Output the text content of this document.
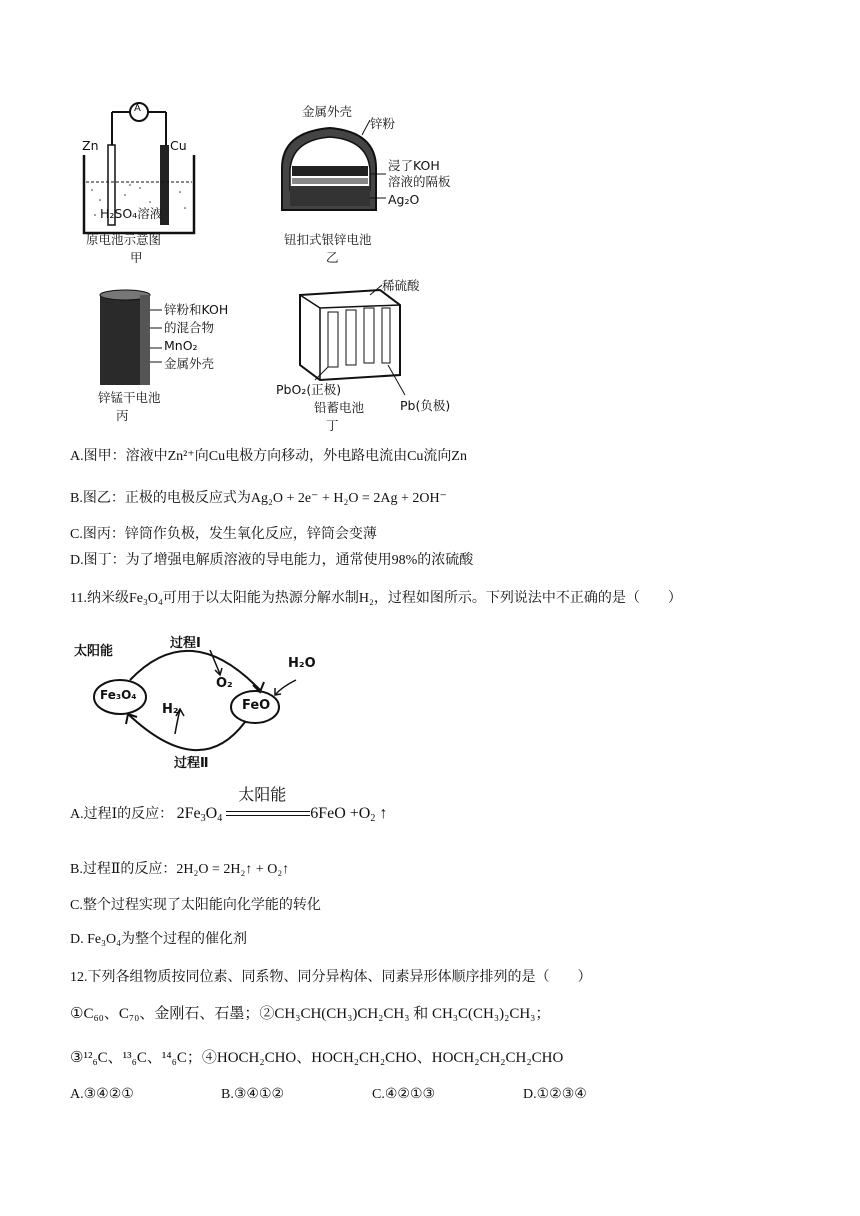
A
Zn	Cu
H₂SO₄溶液
原电池示意图
甲
金属外壳
锌粉
浸了KOH
溶液的隔板
Ag₂O
钮扣式银锌电池
乙
锌粉和KOH
的混合物
MnO₂
金属外壳
锌锰干电池
丙
稀硫酸
PbO₂(正极)
Pb(负极)
铅蓄电池
丁
A.图甲：溶液中Zn²⁺向Cu电极方向移动，外电路电流由Cu流向Zn
B.图乙：正极的电极反应式为Ag₂O + 2e⁻ + H₂O = 2Ag + 2OH⁻
C.图丙：锌筒作负极，发生氧化反应，锌筒会变薄
D.图丁：为了增强电解质溶液的导电能力，通常使用98%的浓硫酸
11.纳米级Fe₃O₄可用于以太阳能为热源分解水制H₂，过程如图所示。下列说法中不正确的是（　　）
太阳能
过程Ⅰ
O₂
H₂O
Fe₃O₄
FeO
H₂
过程Ⅱ
A.过程Ⅰ的反应： $2Fe_3O_4$
太阳能
$6FeO +O_2$ ↑
B.过程Ⅱ的反应：2H₂O = 2H₂↑ + O₂↑
C.整个过程实现了太阳能向化学能的转化
D. Fe₃O₄为整个过程的催化剂
12.下列各组物质按同位素、同系物、同分异构体、同素异形体顺序排列的是（　　）
①C₆₀、C₇₀、金刚石、石墨；②CH₃CH(CH₃)CH₂CH₃ 和 CH₃C(CH₃)₂CH₃；
③¹²₆C、¹³₆C、¹⁴₆C；④HOCH₂CHO、HOCH₂CH₂CHO、HOCH₂CH₂CH₂CHO
A.③④②①	B.③④①②	C.④②①③	D.①②③④
